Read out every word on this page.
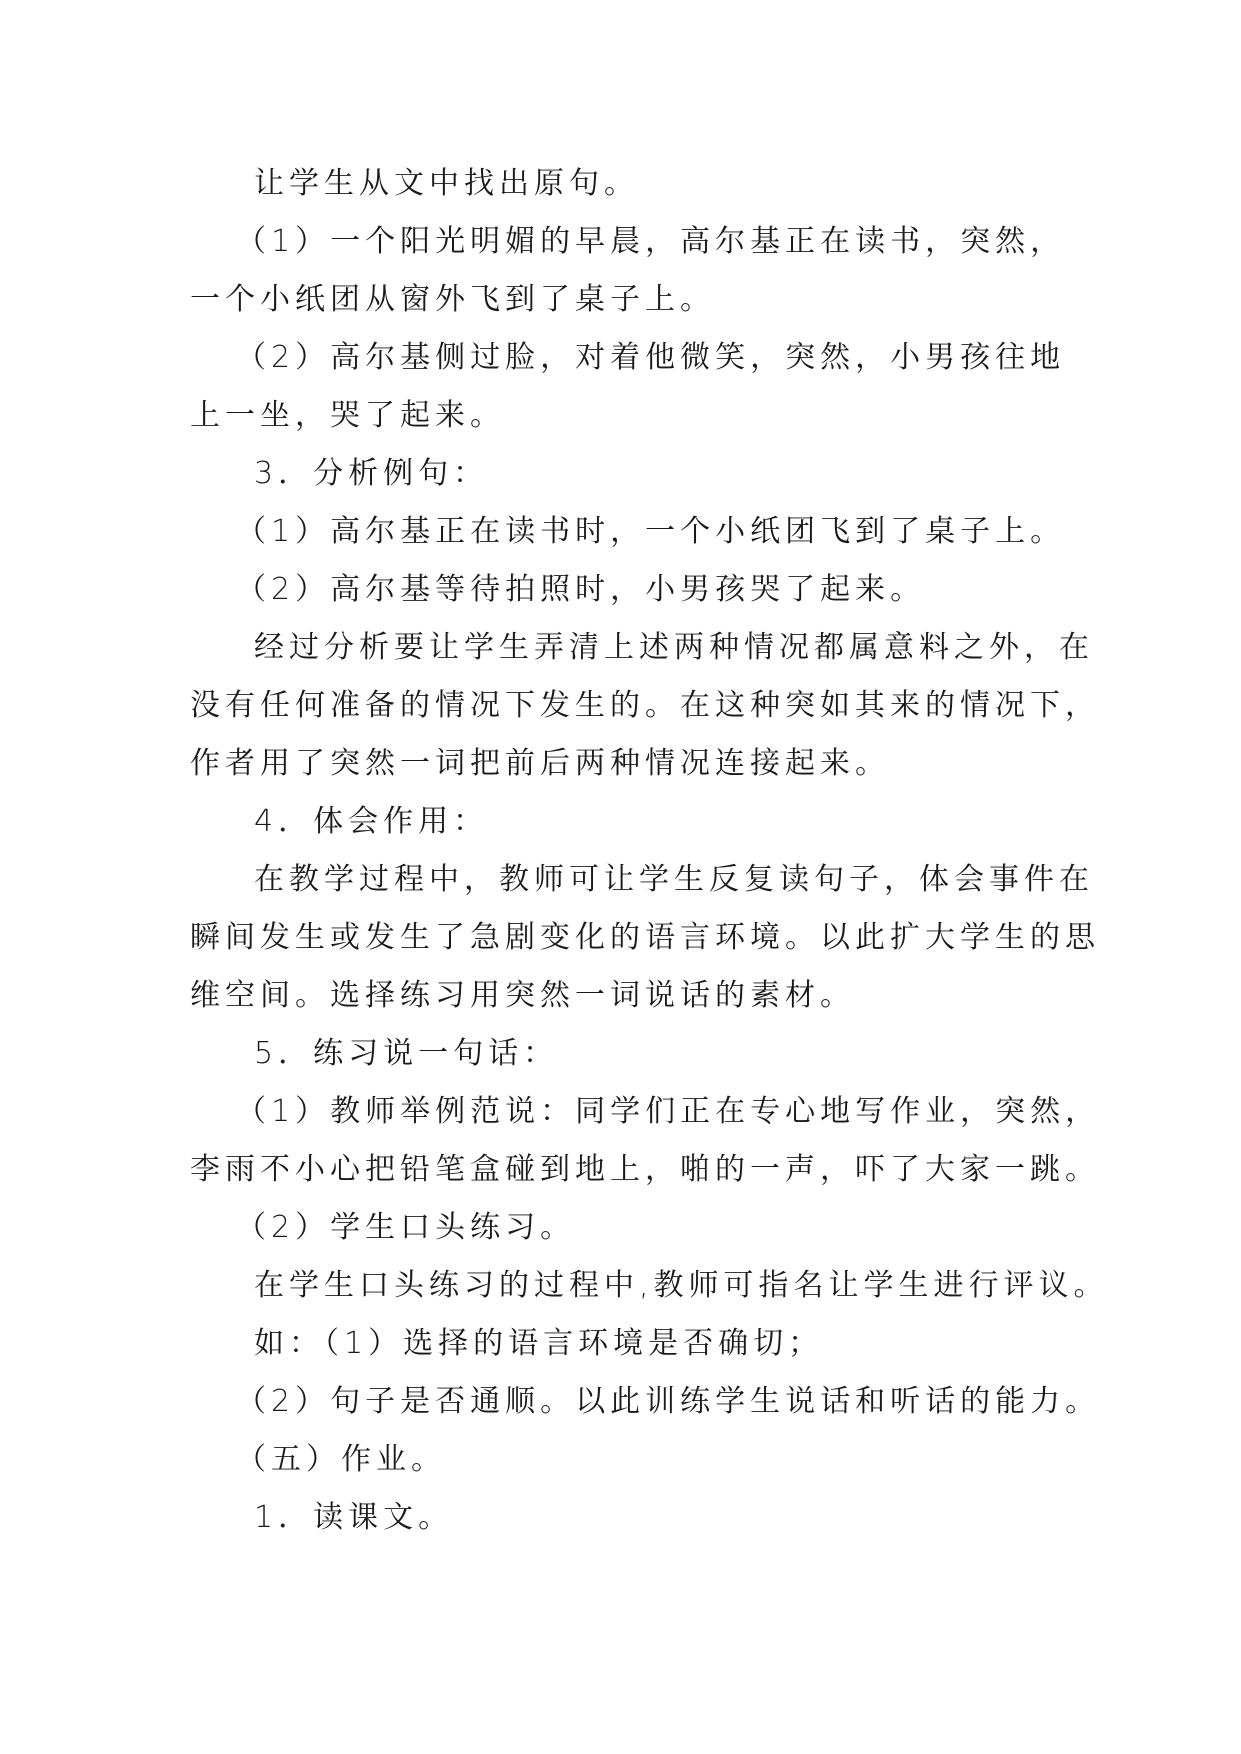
让学生从文中找出原句。
（1）一个阳光明媚的早晨，高尔基正在读书，突然，
一个小纸团从窗外飞到了桌子上。
（2）高尔基侧过脸，对着他微笑，突然，小男孩往地
上一坐，哭了起来。
3．分析例句：
（1）高尔基正在读书时，一个小纸团飞到了桌子上。
（2）高尔基等待拍照时，小男孩哭了起来。
经过分析要让学生弄清上述两种情况都属意料之外，在
没有任何准备的情况下发生的。在这种突如其来的情况下，
作者用了突然一词把前后两种情况连接起来。
4．体会作用：
在教学过程中，教师可让学生反复读句子，体会事件在
瞬间发生或发生了急剧变化的语言环境。以此扩大学生的思
维空间。选择练习用突然一词说话的素材。
5．练习说一句话：
（1）教师举例范说：同学们正在专心地写作业，突然，
李雨不小心把铅笔盒碰到地上，啪的一声，吓了大家一跳。
（2）学生口头练习。
在学生口头练习的过程中,教师可指名让学生进行评议。
如：（1）选择的语言环境是否确切；
（2）句子是否通顺。以此训练学生说话和听话的能力。
（五）作业。
1．读课文。
